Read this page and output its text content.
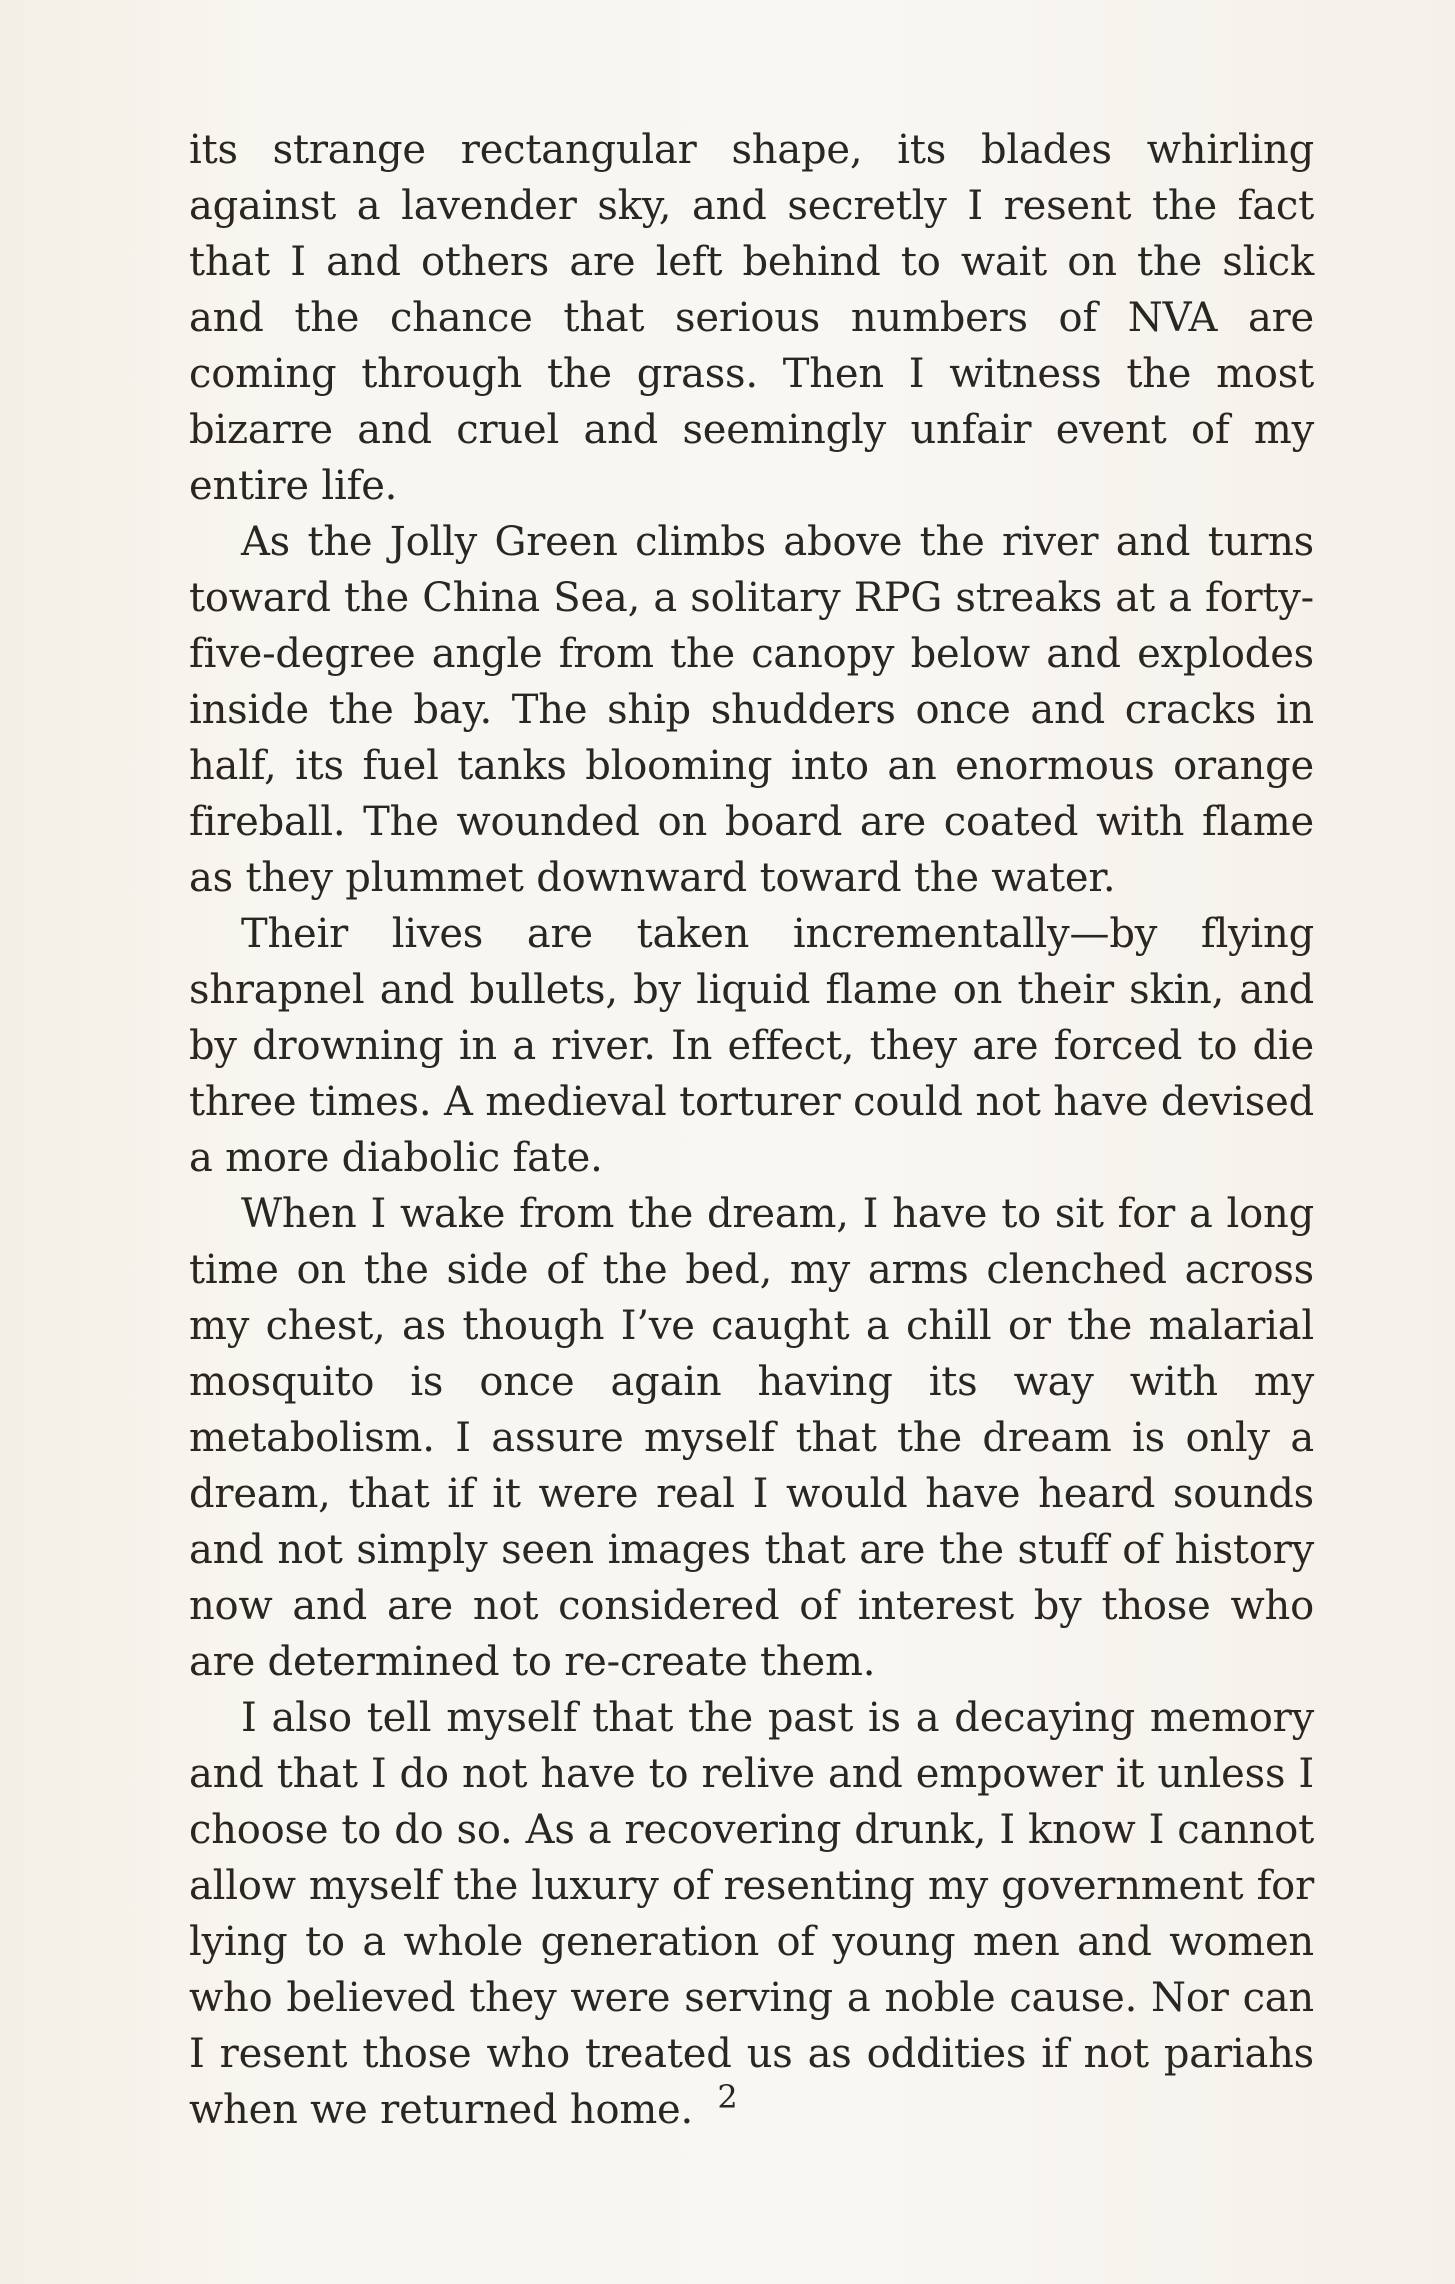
its strange rectangular shape, its blades whirling against a lavender sky, and secretly I resent the fact that I and others are left behind to wait on the slick and the chance that serious numbers of NVA are coming through the grass. Then I witness the most bizarre and cruel and seemingly unfair event of my entire life.

As the Jolly Green climbs above the river and turns toward the China Sea, a solitary RPG streaks at a forty-five-degree angle from the canopy below and explodes inside the bay. The ship shudders once and cracks in half, its fuel tanks blooming into an enormous orange fireball. The wounded on board are coated with flame as they plummet downward toward the water.

Their lives are taken incrementally—by flying shrapnel and bullets, by liquid flame on their skin, and by drowning in a river. In effect, they are forced to die three times. A medieval torturer could not have devised a more diabolic fate.

When I wake from the dream, I have to sit for a long time on the side of the bed, my arms clenched across my chest, as though I’ve caught a chill or the malarial mosquito is once again having its way with my metabolism. I assure myself that the dream is only a dream, that if it were real I would have heard sounds and not simply seen images that are the stuff of history now and are not considered of interest by those who are determined to re-create them.

I also tell myself that the past is a decaying memory and that I do not have to relive and empower it unless I choose to do so. As a recovering drunk, I know I cannot allow myself the luxury of resenting my government for lying to a whole generation of young men and women who believed they were serving a noble cause. Nor can I resent those who treated us as oddities if not pariahs when we returned home. 2
